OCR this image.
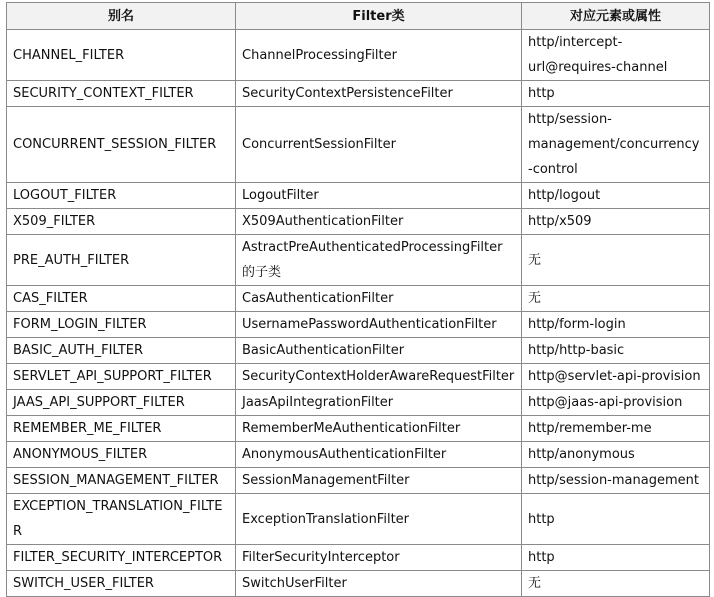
别名	Filter类	对应元素或属性
CHANNEL_FILTER	ChannelProcessingFilter	http/intercept-url@requires-channel
SECURITY_CONTEXT_FILTER	SecurityContextPersistenceFilter	http
CONCURRENT_SESSION_FILTER	ConcurrentSessionFilter	http/session-management/concurrency-control
LOGOUT_FILTER	LogoutFilter	http/logout
X509_FILTER	X509AuthenticationFilter	http/x509
PRE_AUTH_FILTER	AstractPreAuthenticatedProcessingFilter 的子类	无
CAS_FILTER	CasAuthenticationFilter	无
FORM_LOGIN_FILTER	UsernamePasswordAuthenticationFilter	http/form-login
BASIC_AUTH_FILTER	BasicAuthenticationFilter	http/http-basic
SERVLET_API_SUPPORT_FILTER	SecurityContextHolderAwareRequestFilter	http@servlet-api-provision
JAAS_API_SUPPORT_FILTER	JaasApiIntegrationFilter	http@jaas-api-provision
REMEMBER_ME_FILTER	RememberMeAuthenticationFilter	http/remember-me
ANONYMOUS_FILTER	AnonymousAuthenticationFilter	http/anonymous
SESSION_MANAGEMENT_FILTER	SessionManagementFilter	http/session-management
EXCEPTION_TRANSLATION_FILTER	ExceptionTranslationFilter	http
FILTER_SECURITY_INTERCEPTOR	FilterSecurityInterceptor	http
SWITCH_USER_FILTER	SwitchUserFilter	无
